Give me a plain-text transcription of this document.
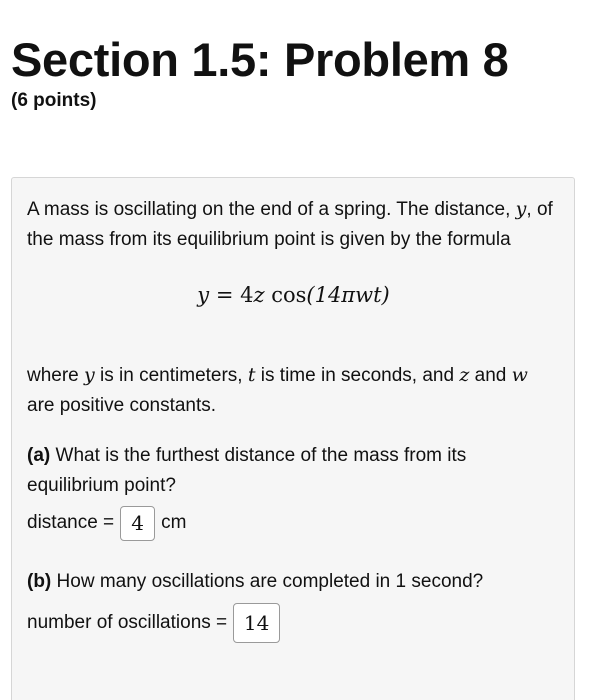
Section 1.5: Problem 8
(6 points)

A mass is oscillating on the end of a spring. The distance, y, of the mass from its equilibrium point is given by the formula

y = 4z cos(14πwt)

where y is in centimeters, t is time in seconds, and z and w are positive constants.

(a) What is the furthest distance of the mass from its equilibrium point?

distance = 4 cm

(b) How many oscillations are completed in 1 second?

number of oscillations = 14
